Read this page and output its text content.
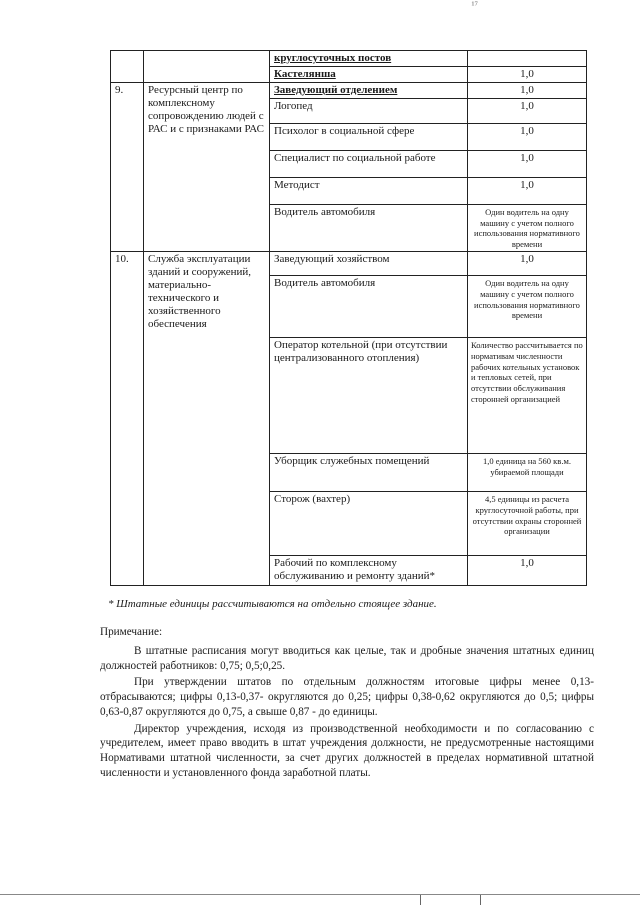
¹⁷
		круглосуточных постов	
		Кастелянша	1,0
9.	Ресурсный центр по комплексному сопровождению людей с РАС и с признаками РАС	Заведующий отделением	1,0
		Логопед	1,0
		Психолог в социальной сфере	1,0
		Специалист по социальной работе	1,0
		Методист	1,0
		Водитель автомобиля	Один водитель на одну машину с учетом полного использования нормативного времени
10.	Служба эксплуатации зданий и сооружений, материально-технического и хозяйственного обеспечения	Заведующий хозяйством	1,0
		Водитель автомобиля	Один водитель на одну машину с учетом полного использования нормативного времени
		Оператор котельной (при отсутствии централизованного отопления)	Количество рассчитывается по нормативам численности рабочих котельных установок и тепловых сетей, при отсутствии обслуживания сторонней организацией
		Уборщик служебных помещений	1,0 единица на 560 кв.м. убираемой площади
		Сторож (вахтер)	4,5 единицы из расчета круглосуточной работы, при отсутствии охраны сторонней организации
		Рабочий по комплексному обслуживанию и ремонту зданий*	1,0
* Штатные единицы рассчитываются на отдельно стоящее здание.

Примечание:

В штатные расписания могут вводиться как целые, так и дробные значения штатных единиц должностей работников: 0,75; 0,5;0,25.

При утверждении штатов по отдельным должностям итоговые цифры менее 0,13- отбрасываются; цифры 0,13-0,37- округляются до 0,25; цифры 0,38-0,62 округляются до 0,5; цифры 0,63-0,87 округляются до 0,75, а свыше 0,87 - до единицы.

Директор учреждения, исходя из производственной необходимости и по согласованию с учредителем, имеет право вводить в штат учреждения должности, не предусмотренные настоящими Нормативами штатной численности, за счет других должностей в пределах нормативной штатной численности и установленного фонда заработной платы.
